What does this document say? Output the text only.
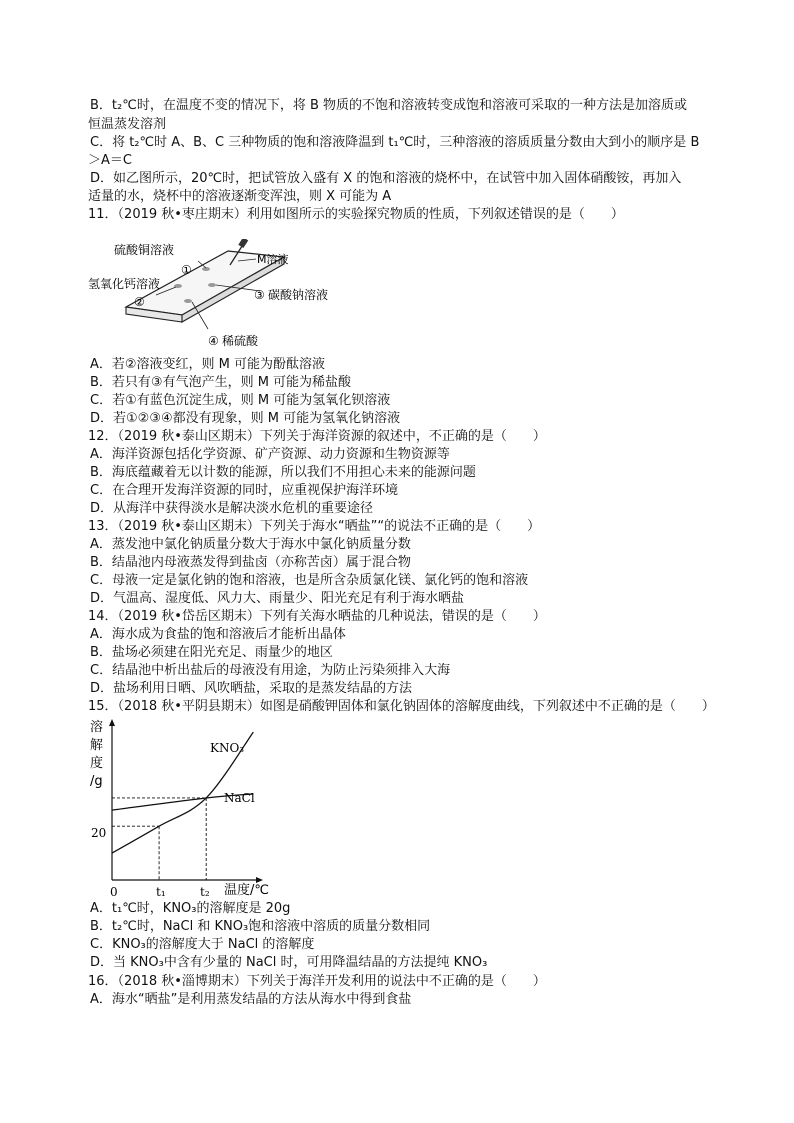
B．t₂℃时，在温度不变的情况下，将 B 物质的不饱和溶液转变成饱和溶液可采取的一种方法是加溶质或
恒温蒸发溶剂
C．将 t₂℃时 A、B、C 三种物质的饱和溶液降温到 t₁℃时，三种溶液的溶质质量分数由大到小的顺序是 B
＞A＝C
D．如乙图所示，20℃时，把试管放入盛有 X 的饱和溶液的烧杯中，在试管中加入固体硝酸铵，再加入
适量的水，烧杯中的溶液逐渐变浑浊，则 X 可能为 A
11．（2019 秋•枣庄期末）利用如图所示的实验探究物质的性质，下列叙述错误的是（　　）
硫酸铜溶液
①
M溶液
氢氧化钙溶液
②	③ 碳酸钠溶液
④ 稀硫酸
A．若②溶液变红，则 M 可能为酚酞溶液
B．若只有③有气泡产生，则 M 可能为稀盐酸
C．若①有蓝色沉淀生成，则 M 可能为氢氧化钡溶液
D．若①②③④都没有现象，则 M 可能为氢氧化钠溶液
12．（2019 秋•泰山区期末）下列关于海洋资源的叙述中，不正确的是（　　）
A．海洋资源包括化学资源、矿产资源、动力资源和生物资源等
B．海底蕴藏着无以计数的能源，所以我们不用担心未来的能源问题
C．在合理开发海洋资源的同时，应重视保护海洋环境
D．从海洋中获得淡水是解决淡水危机的重要途径
13．（2019 秋•泰山区期末）下列关于海水“晒盐”“的说法不正确的是（　　）
A．蒸发池中氯化钠质量分数大于海水中氯化钠质量分数
B．结晶池内母液蒸发得到盐卤（亦称苦卤）属于混合物
C．母液一定是氯化钠的饱和溶液，也是所含杂质氯化镁、氯化钙的饱和溶液
D．气温高、湿度低、风力大、雨量少、阳光充足有利于海水晒盐
14．（2019 秋•岱岳区期末）下列有关海水晒盐的几种说法，错误的是（　　）
A．海水成为食盐的饱和溶液后才能析出晶体
B．盐场必须建在阳光充足、雨量少的地区
C．结晶池中析出盐后的母液没有用途，为防止污染须排入大海
D．盐场利用日晒、风吹晒盐，采取的是蒸发结晶的方法
15．（2018 秋•平阴县期末）如图是硝酸钾固体和氯化钠固体的溶解度曲线，下列叙述中不正确的是（　　）
溶
解
度
/g
0	t₁	t₂ 温度/℃
20
KNO₃
NaCl
A．t₁℃时，KNO₃的溶解度是 20g
B．t₂℃时，NaCl 和 KNO₃饱和溶液中溶质的质量分数相同
C．KNO₃的溶解度大于 NaCl 的溶解度
D．当 KNO₃中含有少量的 NaCl 时，可用降温结晶的方法提纯 KNO₃
16．（2018 秋•淄博期末）下列关于海洋开发利用的说法中不正确的是（　　）
A．海水“晒盐”是利用蒸发结晶的方法从海水中得到食盐
